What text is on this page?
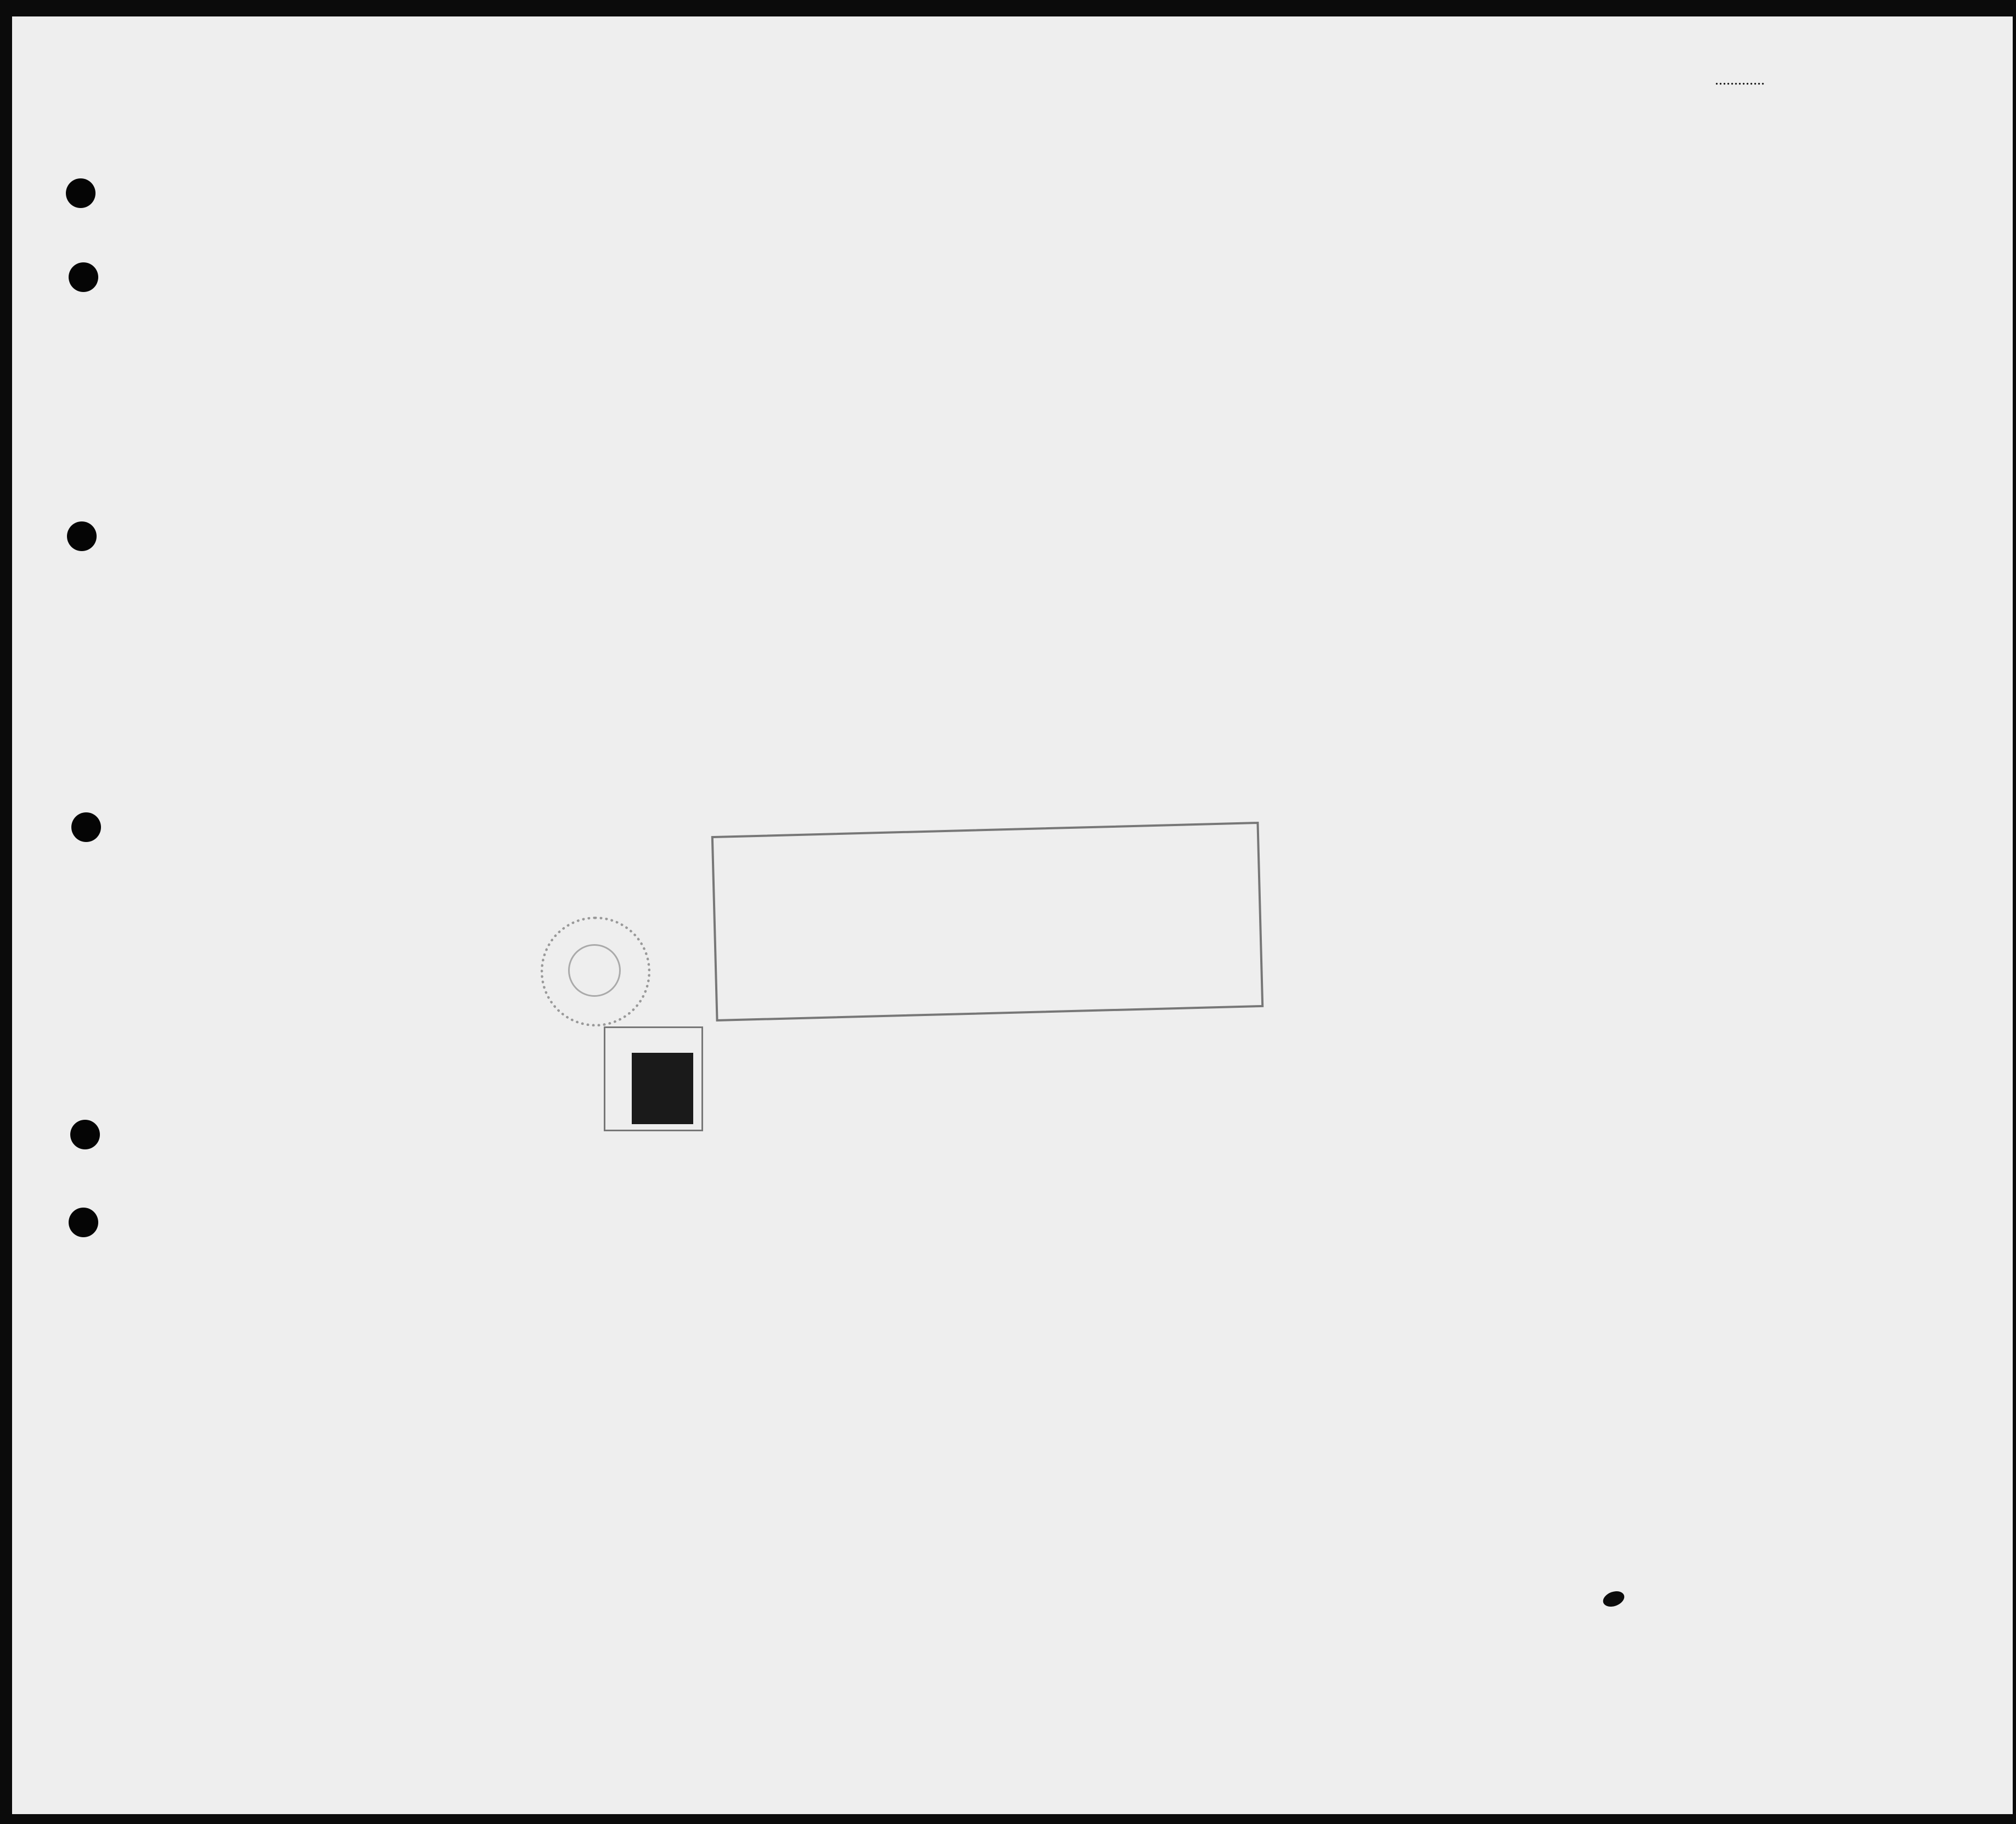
.............
